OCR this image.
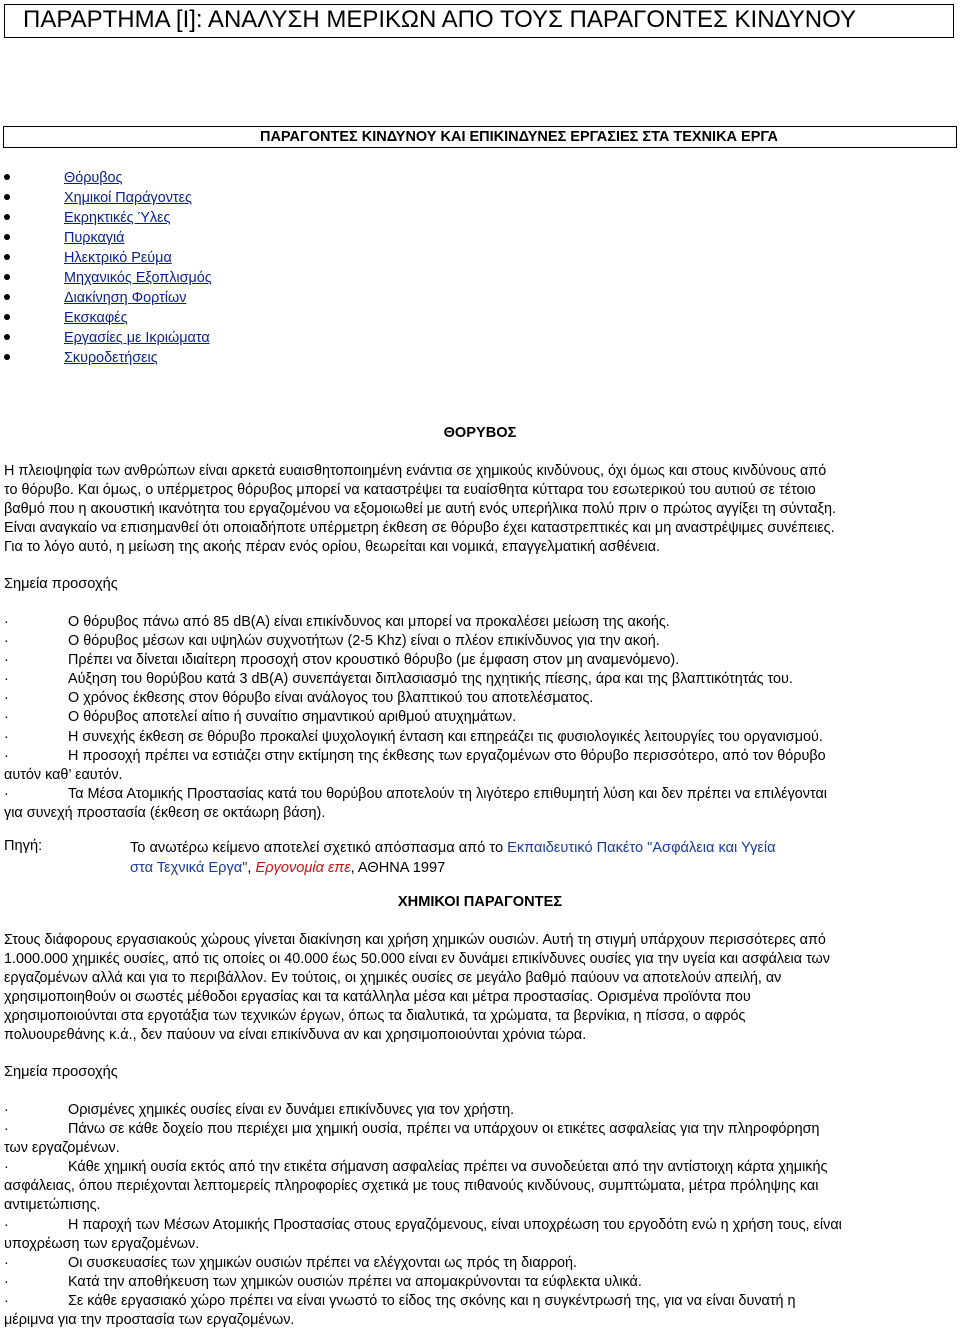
ΠΑΡΑΡΤΗΜΑ [Ι]: ΑΝΑΛΥΣΗ ΜΕΡΙΚΩΝ ΑΠΟ ΤΟΥΣ ΠΑΡΑΓΟΝΤΕΣ ΚΙΝΔΥΝΟΥ
ΠΑΡΑΓΟΝΤΕΣ ΚΙΝΔΥΝΟΥ ΚΑΙ ΕΠΙΚΙΝΔΥΝΕΣ ΕΡΓΑΣΙΕΣ ΣΤΑ ΤΕΧΝΙΚΑ ΕΡΓΑ
Θόρυβος
Χημικοί Παράγοντες
Εκρηκτικές Ύλες
Πυρκαγιά
Ηλεκτρικό Ρεύμα
Μηχανικός Εξοπλισμός
Διακίνηση Φορτίων
Εκσκαφές
Εργασίες με Ικριώματα
Σκυροδετήσεις
ΘΟΡΥΒΟΣ

Η πλειοψηφία των ανθρώπων είναι αρκετά ευαισθητοποιημένη ενάντια σε χημικούς κινδύνους, όχι όμως και στους κινδύνους από
το θόρυβο. Και όμως, ο υπέρμετρος θόρυβος μπορεί να καταστρέψει τα ευαίσθητα κύτταρα του εσωτερικού του αυτιού σε τέτοιο
βαθμό που η ακουστική ικανότητα του εργαζομένου να εξομοιωθεί με αυτή ενός υπερήλικα πολύ πριν ο πρώτος αγγίξει τη σύνταξη.
Είναι αναγκαίο να επισημανθεί ότι οποιαδήποτε υπέρμετρη έκθεση σε θόρυβο έχει καταστρεπτικές και μη αναστρέψιμες συνέπειες.
Για το λόγο αυτό, η μείωση της ακοής πέραν ενός ορίου, θεωρείται και νομικά, επαγγελματική ασθένεια.

Σημεία προσοχής
·	Ο θόρυβος πάνω από 85 dB(A) είναι επικίνδυνος και μπορεί να προκαλέσει μείωση της ακοής.
·	Ο θόρυβος μέσων και υψηλών συχνοτήτων (2-5 Khz) είναι ο πλέον επικίνδυνος για την ακοή.
·	Πρέπει να δίνεται ιδιαίτερη προσοχή στον κρουστικό θόρυβο (με έμφαση στον μη αναμενόμενο).
·	Αύξηση του θορύβου κατά 3 dB(A) συνεπάγεται διπλασιασμό της ηχητικής πίεσης, άρα και της βλαπτικότητάς του.
·	Ο χρόνος έκθεσης στον θόρυβο είναι ανάλογος του βλαπτικού του αποτελέσματος.
·	Ο θόρυβος αποτελεί αίτιο ή συναίτιο σημαντικού αριθμού ατυχημάτων.
·	Η συνεχής έκθεση σε θόρυβο προκαλεί ψυχολογική ένταση και επηρεάζει τις φυσιολογικές λειτουργίες του οργανισμού.
·	Η προσοχή πρέπει να εστιάζει στην εκτίμηση της έκθεσης των εργαζομένων στο θόρυβο περισσότερο, από τον θόρυβο
αυτόν καθ’ εαυτόν.
·	Τα Μέσα Ατομικής Προστασίας κατά του θορύβου αποτελούν τη λιγότερο επιθυμητή λύση και δεν πρέπει να επιλέγονται
για συνεχή προστασία (έκθεση σε οκτάωρη βάση).
Πηγή:	Το ανωτέρω κείμενο αποτελεί σχετικό απόσπασμα από το Εκπαιδευτικό Πακέτο "Ασφάλεια και Υγεία
στα Τεχνικά Εργα", Εργονομία επε, ΑΘΗΝΑ 1997
ΧΗΜΙΚΟΙ ΠΑΡΑΓΟΝΤΕΣ

Στους διάφορους εργασιακούς χώρους γίνεται διακίνηση και χρήση χημικών ουσιών. Αυτή τη στιγμή υπάρχουν περισσότερες από
1.000.000 χημικές ουσίες, από τις οποίες οι 40.000 έως 50.000 είναι εν δυνάμει επικίνδυνες ουσίες για την υγεία και ασφάλεια των
εργαζομένων αλλά και για το περιβάλλον. Εν τούτοις, οι χημικές ουσίες σε μεγάλο βαθμό παύουν να αποτελούν απειλή, αν
χρησιμοποιηθούν οι σωστές μέθοδοι εργασίας και τα κατάλληλα μέσα και μέτρα προστασίας. Ορισμένα προϊόντα που
χρησιμοποιούνται στα εργοτάξια των τεχνικών έργων, όπως τα διαλυτικά, τα χρώματα, τα βερνίκια, η πίσσα, ο αφρός
πολυουρεθάνης κ.ά., δεν παύουν να είναι επικίνδυνα αν και χρησιμοποιούνται χρόνια τώρα.

Σημεία προσοχής
·	Ορισμένες χημικές ουσίες είναι εν δυνάμει επικίνδυνες για τον χρήστη.
·	Πάνω σε κάθε δοχείο που περιέχει μια χημική ουσία, πρέπει να υπάρχουν οι ετικέτες ασφαλείας για την πληροφόρηση
των εργαζομένων.
·	Κάθε χημική ουσία εκτός από την ετικέτα σήμανση ασφαλείας πρέπει να συνοδεύεται από την αντίστοιχη κάρτα χημικής
ασφάλειας, όπου περιέχονται λεπτομερείς πληροφορίες σχετικά με τους πιθανούς κινδύνους, συμπτώματα, μέτρα πρόληψης και
αντιμετώπισης.
·	Η παροχή των Μέσων Ατομικής Προστασίας στους εργαζόμενους, είναι υποχρέωση του εργοδότη ενώ η χρήση τους, είναι
υποχρέωση των εργαζομένων.
·	Οι συσκευασίες των χημικών ουσιών πρέπει να ελέγχονται ως πρός τη διαρροή.
·	Κατά την αποθήκευση των χημικών ουσιών πρέπει να απομακρύνονται τα εύφλεκτα υλικά.
·	Σε κάθε εργασιακό χώρο πρέπει να είναι γνωστό το είδος της σκόνης και η συγκέντρωσή της, για να είναι δυνατή η
μέριμνα για την προστασία των εργαζομένων.
